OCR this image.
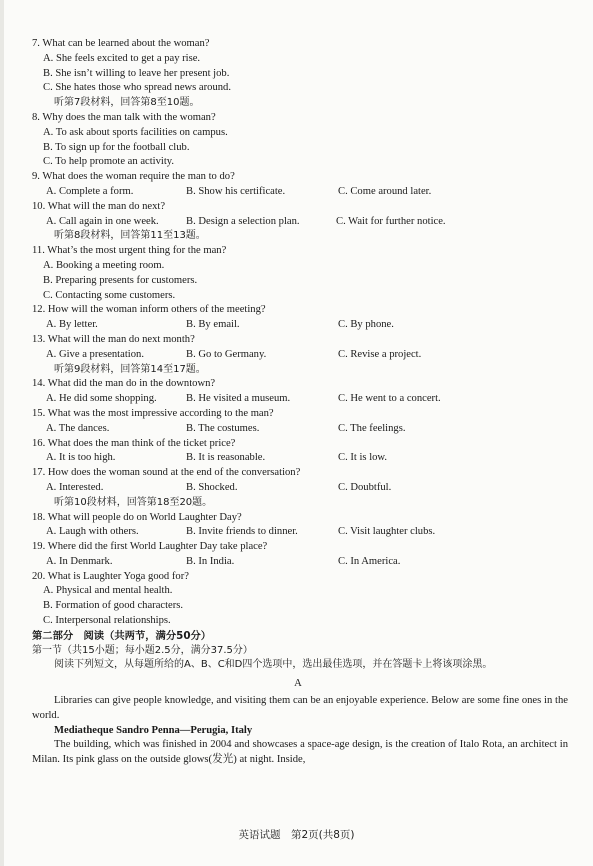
7. What can be learned about the woman?
A. She feels excited to get a pay rise.
B. She isn’t willing to leave her present job.
C. She hates those who spread news around.
听第7段材料，回答第8至10题。
8. Why does the man talk with the woman?
A. To ask about sports facilities on campus.
B. To sign up for the football club.
C. To help promote an activity.
9. What does the woman require the man to do?
A. Complete a form.	B. Show his certificate.	C. Come around later.
10. What will the man do next?
A. Call again in one week.	B. Design a selection plan.	C. Wait for further notice.
听第8段材料，回答第11至13题。
11. What’s the most urgent thing for the man?
A. Booking a meeting room.
B. Preparing presents for customers.
C. Contacting some customers.
12. How will the woman inform others of the meeting?
A. By letter.	B. By email.	C. By phone.
13. What will the man do next month?
A. Give a presentation.	B. Go to Germany.	C. Revise a project.
听第9段材料，回答第14至17题。
14. What did the man do in the downtown?
A. He did some shopping.	B. He visited a museum.	C. He went to a concert.
15. What was the most impressive according to the man?
A. The dances.	B. The costumes.	C. The feelings.
16. What does the man think of the ticket price?
A. It is too high.	B. It is reasonable.	C. It is low.
17. How does the woman sound at the end of the conversation?
A. Interested.	B. Shocked.	C. Doubtful.
听第10段材料，回答第18至20题。
18. What will people do on World Laughter Day?
A. Laugh with others.	B. Invite friends to dinner.	C. Visit laughter clubs.
19. Where did the first World Laughter Day take place?
A. In Denmark.	B. In India.	C. In America.
20. What is Laughter Yoga good for?
A. Physical and mental health.
B. Formation of good characters.
C. Interpersonal relationships.
第二部分　阅读（共两节，满分50分）
第一节（共15小题；每小题2.5分，满分37.5分）
阅读下列短文，从每题所给的A、B、C和D四个选项中，选出最佳选项，并在答题卡上将该项涂黑。
A
Libraries can give people knowledge, and visiting them can be an enjoyable experience. Below are some fine ones in the world.
Mediatheque Sandro Penna—Perugia, Italy
The building, which was finished in 2004 and showcases a space-age design, is the creation of Italo Rota, an architect in Milan. Its pink glass on the outside glows(发光) at night. Inside,
英语试题　第2页(共8页)
